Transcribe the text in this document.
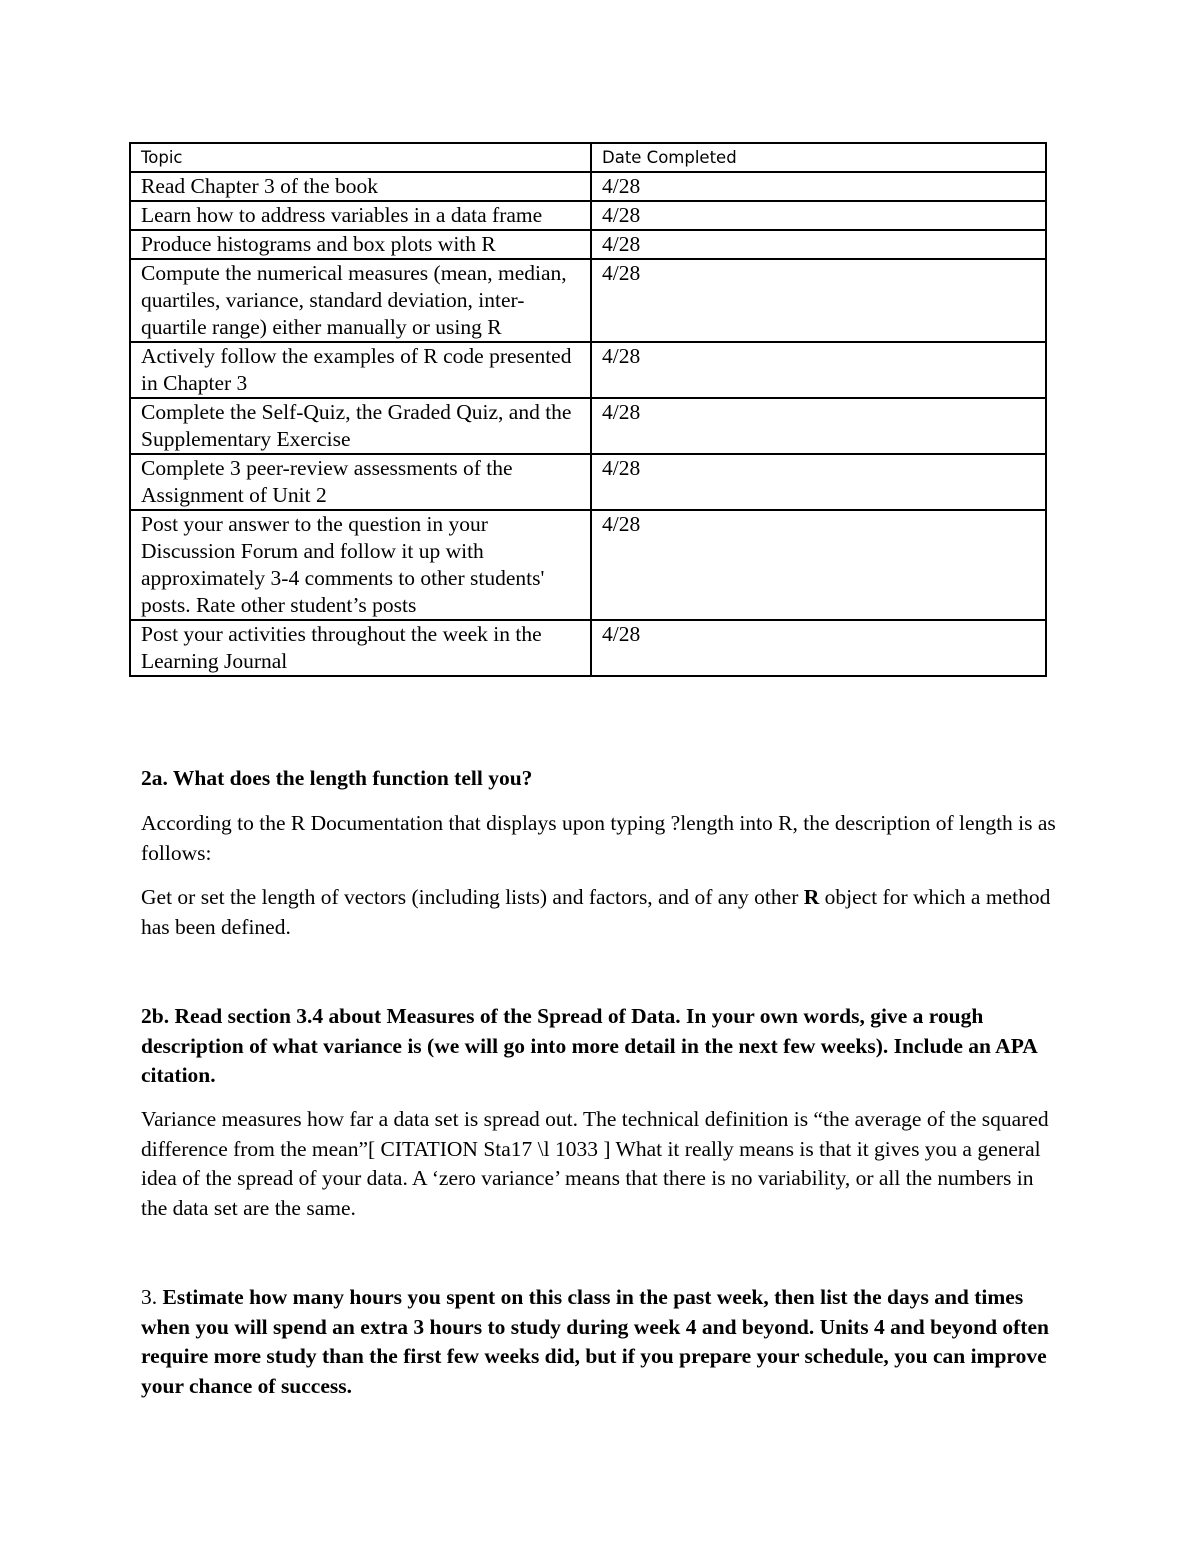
Topic	Date Completed
Read Chapter 3 of the book	4/28
Learn how to address variables in a data frame	4/28
Produce histograms and box plots with R	4/28
Compute the numerical measures (mean, median, quartiles, variance, standard deviation, inter-quartile range) either manually or using R	4/28
Actively follow the examples of R code presented in Chapter 3	4/28
Complete the Self-Quiz, the Graded Quiz, and the Supplementary Exercise	4/28
Complete 3 peer-review assessments of the Assignment of Unit 2	4/28
Post your answer to the question in your Discussion Forum and follow it up with approximately 3-4 comments to other students' posts. Rate other student’s posts	4/28
Post your activities throughout the week in the Learning Journal	4/28

2a. What does the length function tell you?

According to the R Documentation that displays upon typing ?length into R, the description of length is as follows:

Get or set the length of vectors (including lists) and factors, and of any other R object for which a method has been defined.

2b. Read section 3.4 about Measures of the Spread of Data. In your own words, give a rough description of what variance is (we will go into more detail in the next few weeks). Include an APA citation.

Variance measures how far a data set is spread out. The technical definition is “the average of the squared difference from the mean”[ CITATION Sta17 \l 1033 ] What it really means is that it gives you a general idea of the spread of your data. A ‘zero variance’ means that there is no variability, or all the numbers in the data set are the same.

3. Estimate how many hours you spent on this class in the past week, then list the days and times when you will spend an extra 3 hours to study during week 4 and beyond. Units 4 and beyond often require more study than the first few weeks did, but if you prepare your schedule, you can improve your chance of success.
